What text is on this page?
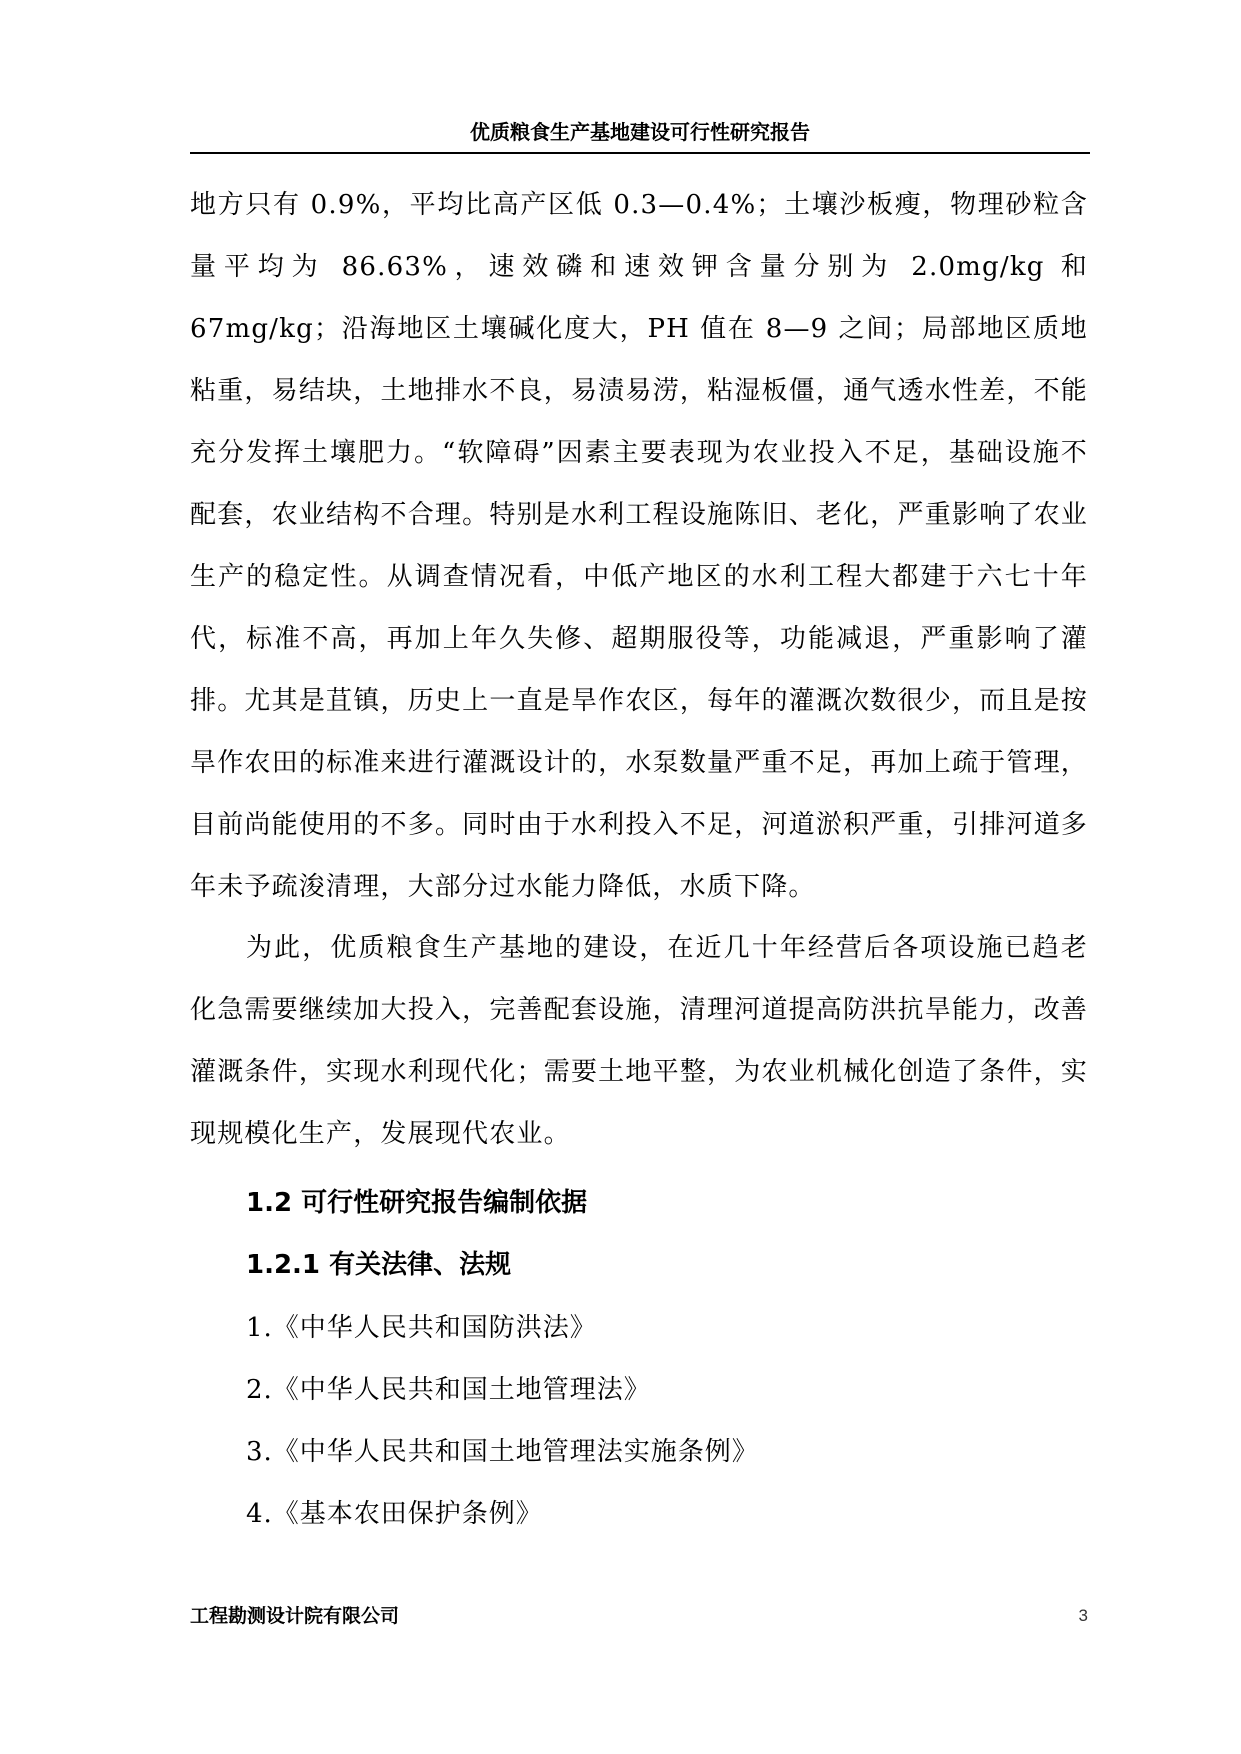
优质粮食生产基地建设可行性研究报告
地方只有 0.9%，平均比高产区低 0.3—0.4%；土壤沙板瘦，物理砂粒含量平均为 86.63%，速效磷和速效钾含量分别为 2.0mg/kg 和 67mg/kg；沿海地区土壤碱化度大，PH 值在 8—9 之间；局部地区质地粘重，易结块，土地排水不良，易渍易涝，粘湿板僵，通气透水性差，不能充分发挥土壤肥力。“软障碍”因素主要表现为农业投入不足，基础设施不配套，农业结构不合理。特别是水利工程设施陈旧、老化，严重影响了农业生产的稳定性。从调查情况看，中低产地区的水利工程大都建于六七十年代，标准不高，再加上年久失修、超期服役等，功能减退，严重影响了灌排。尤其是苴镇，历史上一直是旱作农区，每年的灌溉次数很少，而且是按旱作农田的标准来进行灌溉设计的，水泵数量严重不足，再加上疏于管理，目前尚能使用的不多。同时由于水利投入不足，河道淤积严重，引排河道多年未予疏浚清理，大部分过水能力降低，水质下降。
为此，优质粮食生产基地的建设，在近几十年经营后各项设施已趋老化急需要继续加大投入，完善配套设施，清理河道提高防洪抗旱能力，改善灌溉条件，实现水利现代化；需要土地平整，为农业机械化创造了条件，实现规模化生产，发展现代农业。
1.2 可行性研究报告编制依据
1.2.1 有关法律、法规
1.《中华人民共和国防洪法》
2.《中华人民共和国土地管理法》
3.《中华人民共和国土地管理法实施条例》
4.《基本农田保护条例》
工程勘测设计院有限公司	3
